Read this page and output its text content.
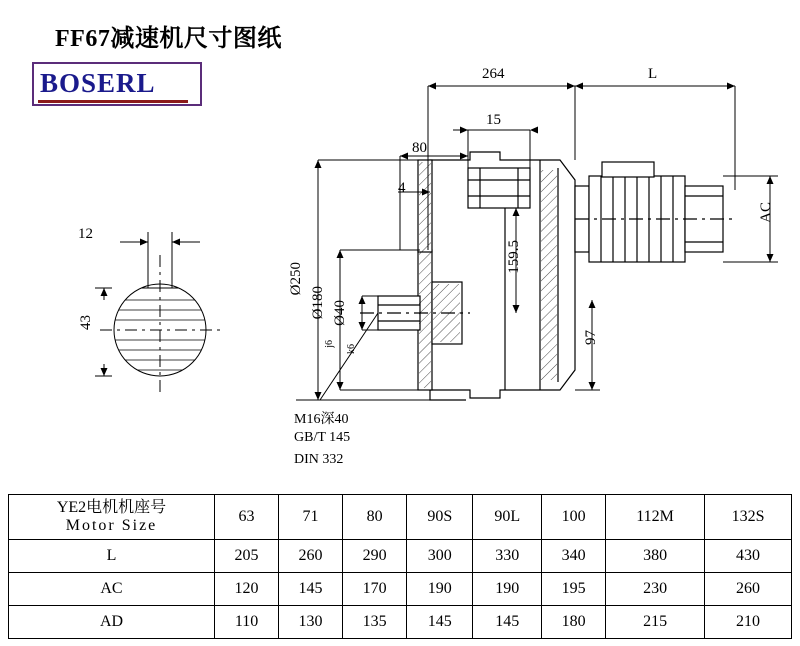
FF67减速机尺寸图纸
BOSERL
12
43
264	L
15
80
4
AC
159.5
97
Ø250
Ø180
j6
Ø40
k6
M16深40
GB/T 145
DIN 332
YE2电机机座号
Motor Size	63	71	80	90S	90L	100	112M	132S
L	205	260	290	300	330	340	380	430
AC	120	145	170	190	190	195	230	260
AD	110	130	135	145	145	180	215	210
